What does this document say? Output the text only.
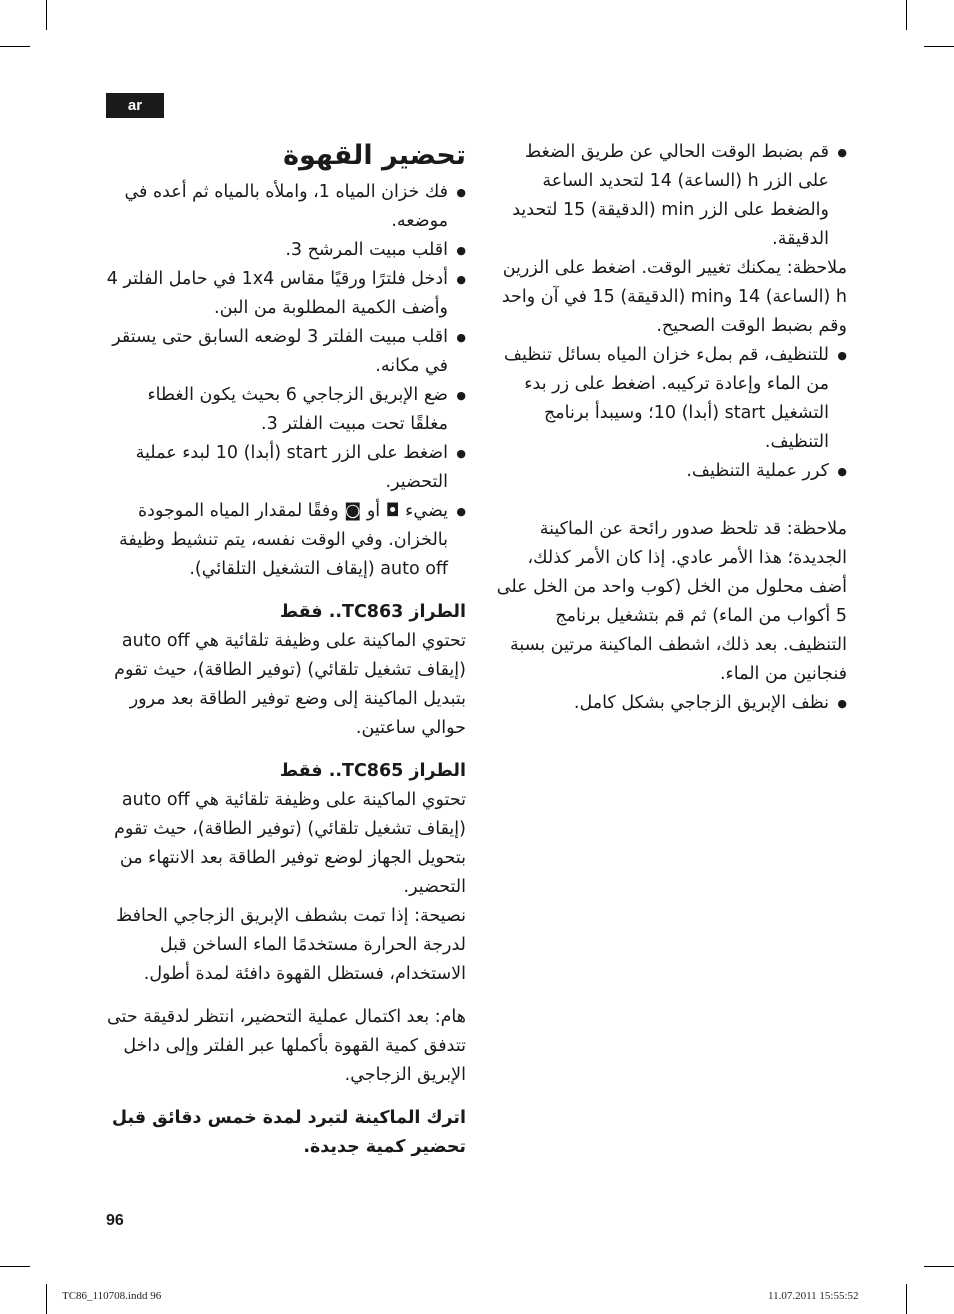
ar
● قم بضبط الوقت الحالي عن طريق الضغط على الزر h (الساعة) 14 لتحديد الساعة والضغط على الزر min (الدقيقة) 15 لتحديد الدقيقة.

ملاحظة: يمكنك تغيير الوقت. اضغط على الزرين h (الساعة) 14 وmin (الدقيقة) 15 في آن واحد وقم بضبط الوقت الصحيح.

● للتنظيف، قم بملء خزان المياه بسائل تنظيف من الماء وإعادة تركيبه. اضغط على زر بدء التشغيل start (أبدا) 10؛ وسيبدأ برنامج التنظيف.
● كرر عملية التنظيف.

ملاحظة: قد تلحظ صدور رائحة عن الماكينة الجديدة؛ هذا الأمر عادي. إذا كان الأمر كذلك، أضف محلول من الخل (كوب واحد من الخل على 5 أكواب من الماء) ثم قم بتشغيل برنامج التنظيف. بعد ذلك، اشطف الماكينة مرتين بسبة فنجانين من الماء.

● نظف الإبريق الزجاجي بشكل كامل.
تحضير القهوة
● فك خزان المياه 1، واملأه بالمياه ثم أعده في موضعه.
● اقلب مبيت المرشح 3.
● أدخل فلترًا ورقيًا مقاس 1x4 في حامل الفلتر 4 وأضف الكمية المطلوبة من البن.
● اقلب مبيت الفلتر 3 لوضعه السابق حتى يستقر في مكانه.
● ضع الإبريق الزجاجي 6 بحيث يكون الغطاء مغلقًا تحت مبيت الفلتر 3.
● اضغط على الزر start (أبدا) 10 لبدء عملية التحضير.
● يضيء ◘ أو ◙ وفقًا لمقدار المياه الموجودة بالخزان. وفي الوقت نفسه، يتم تنشيط وظيفة auto off (إيقاف التشغيل التلقائي).

الطراز TC863.. فقط

تحتوي الماكينة على وظيفة تلقائية هي auto off (إيقاف تشغيل تلقائي) (توفير الطاقة)، حيث تقوم بتبديل الماكينة إلى وضع توفير الطاقة بعد مرور حوالي ساعتين.

الطراز TC865.. فقط

تحتوي الماكينة على وظيفة تلقائية هي auto off (إيقاف تشغيل تلقائي) (توفير الطاقة)، حيث تقوم بتحويل الجهاز لوضع توفير الطاقة بعد الانتهاء من التحضير.

نصيحة: إذا تمت بشطف الإبريق الزجاجي الحافظ لدرجة الحرارة مستخدمًا الماء الساخن قبل الاستخدام، فستظل القهوة دافئة لمدة أطول.

هام: بعد اكتمال عملية التحضير، انتظر لدقيقة حتى تتدفق كمية القهوة بأكملها عبر الفلتر وإلى داخل الإبريق الزجاجي.

اترك الماكينة لتبرد لمدة خمس دقائق قبل تحضير كمية جديدة.

96
TC86_110708.indd 96	11.07.2011 15:55:52
